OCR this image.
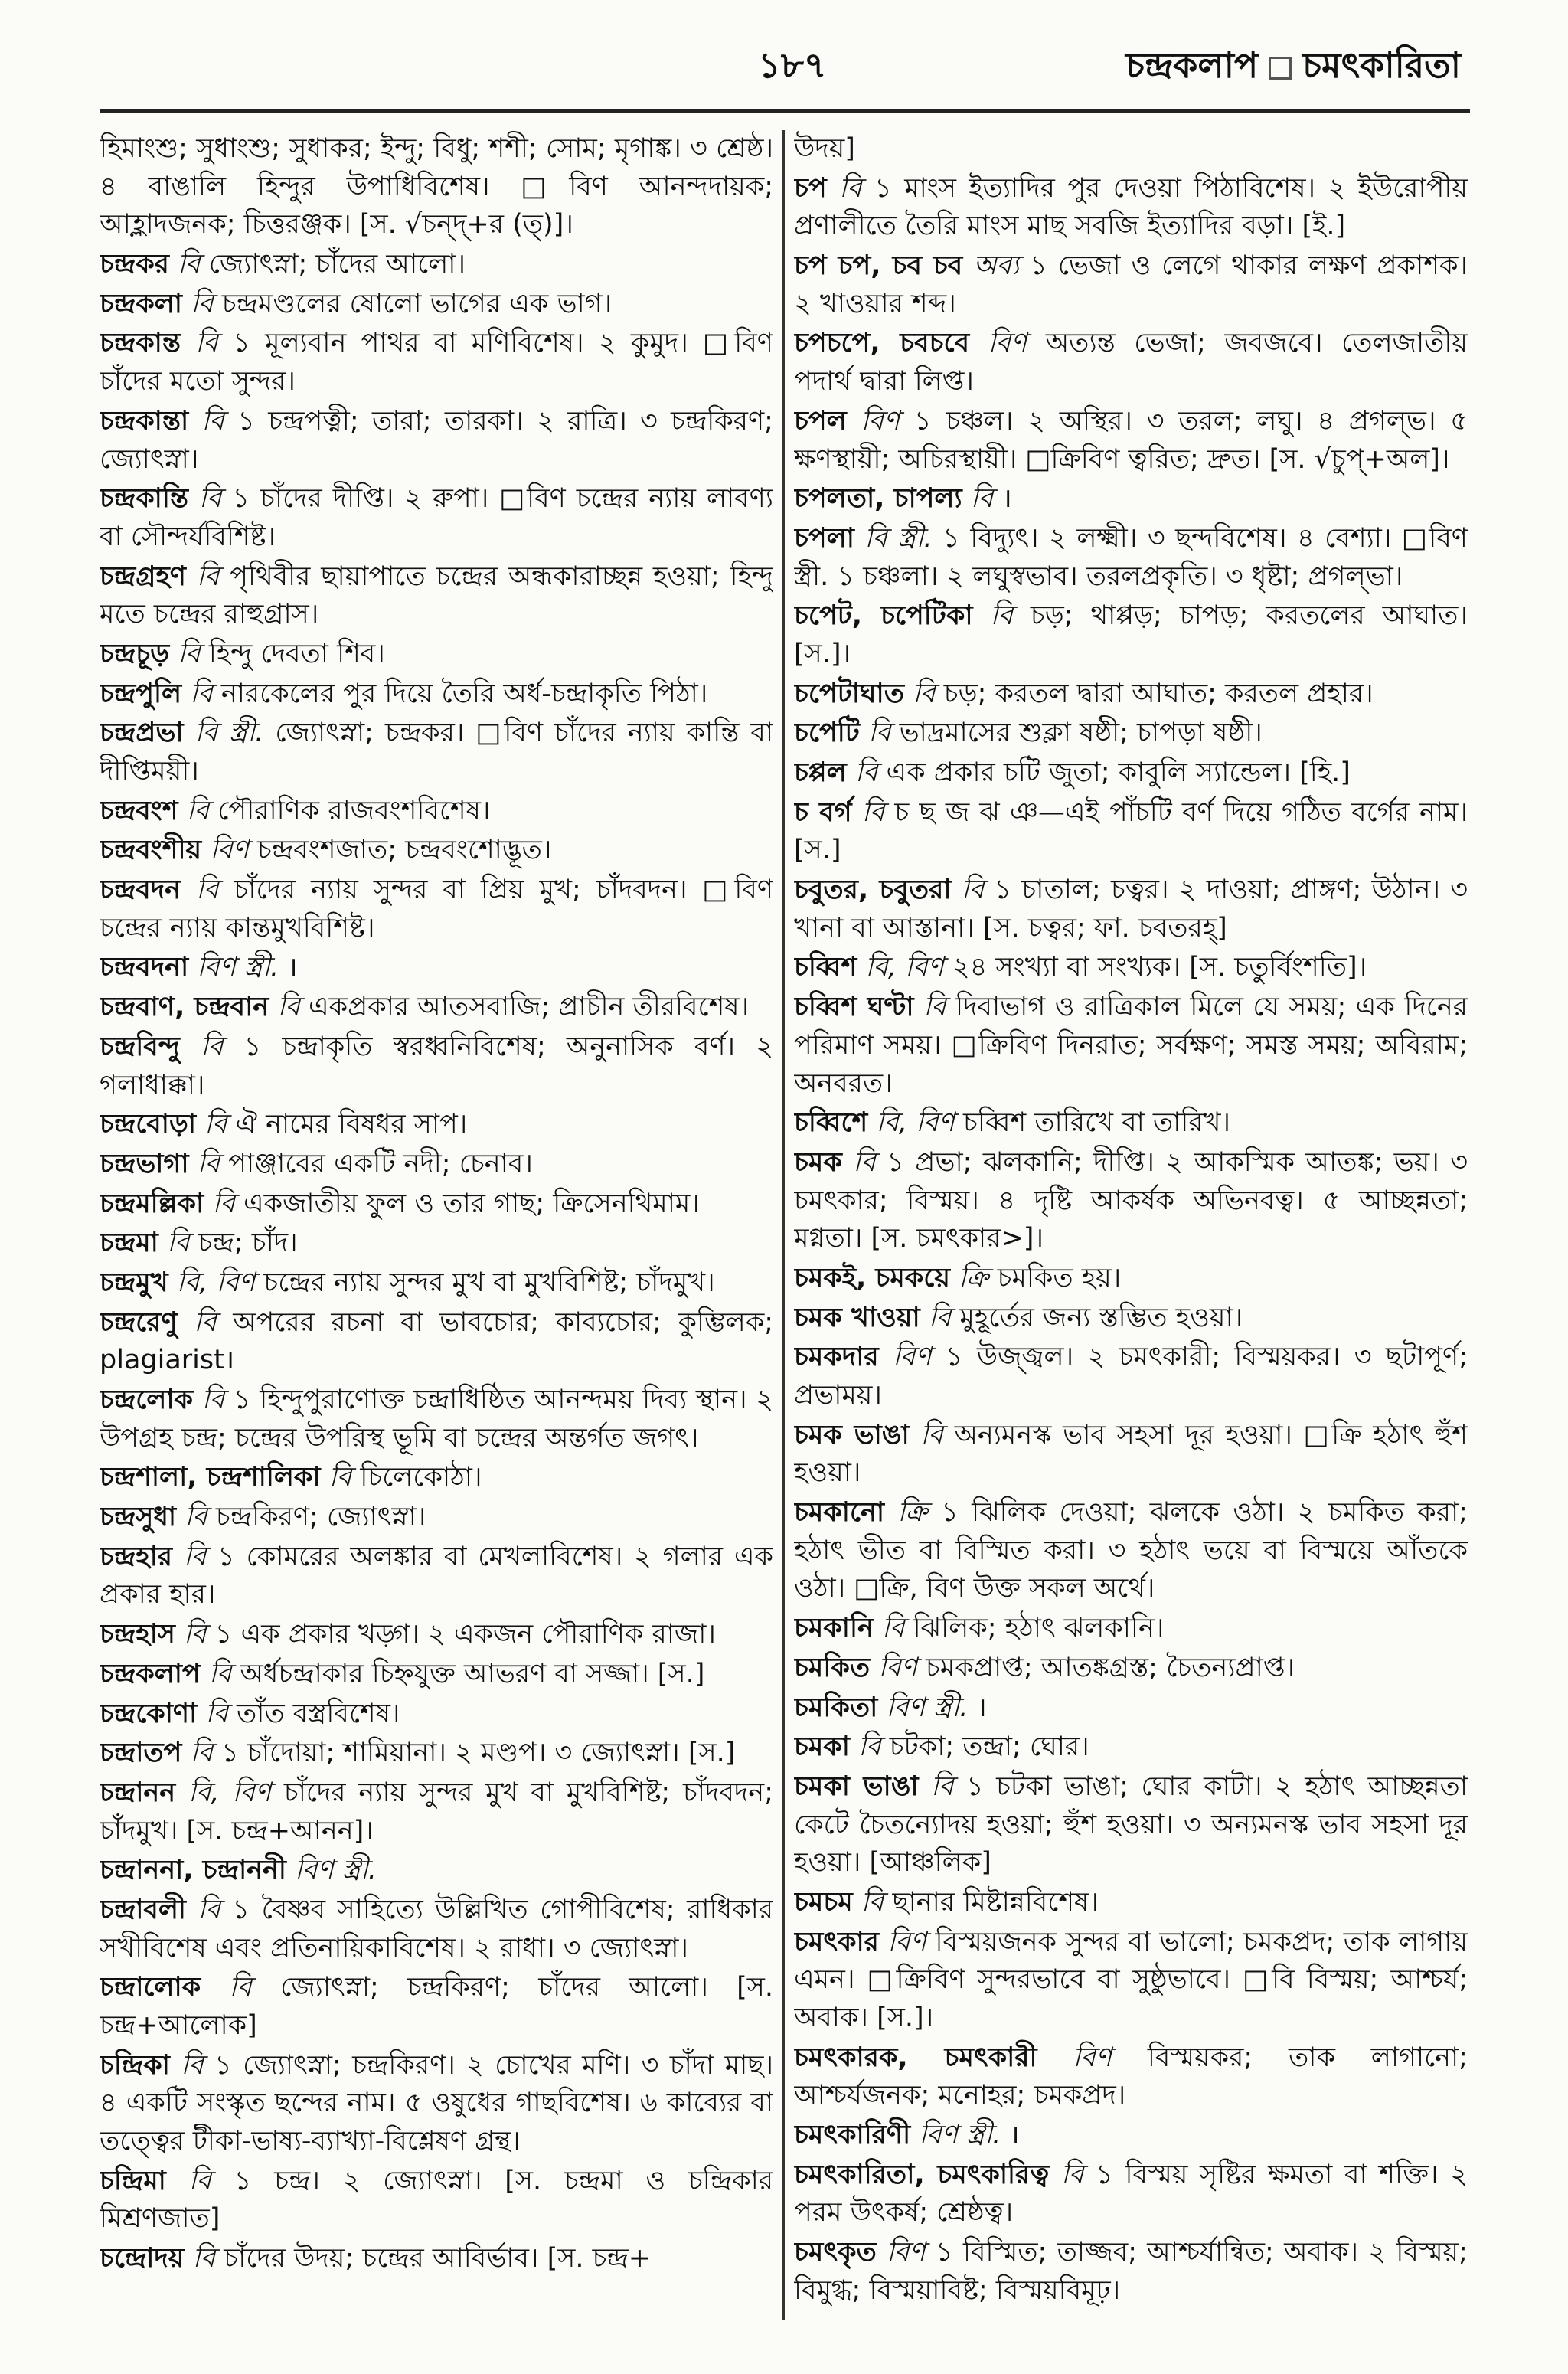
১৮৭	চন্দ্রকলাপ চমৎকারিতা
হিমাংশু; সুধাংশু; সুধাকর; ইন্দু; বিধু; শশী; সোম; মৃগাঙ্ক। ৩ শ্রেষ্ঠ। ৪ বাঙালি হিন্দুর উপাধিবিশেষ। □বিণ আনন্দদায়ক; আহ্লাদজনক; চিত্তরঞ্জক। [স. √চন্দ্+র (ত্)]।
চন্দ্রকর বি জ্যোৎস্না; চাঁদের আলো।
চন্দ্রকলা বি চন্দ্রমণ্ডলের ষোলো ভাগের এক ভাগ।
চন্দ্রকান্ত বি ১ মূল্যবান পাথর বা মণিবিশেষ। ২ কুমুদ। □বিণ চাঁদের মতো সুন্দর।
চন্দ্রকান্তা বি ১ চন্দ্রপত্নী; তারা; তারকা। ২ রাত্রি। ৩ চন্দ্রকিরণ; জ্যোৎস্না।
চন্দ্রকান্তি বি ১ চাঁদের দীপ্তি। ২ রুপা। □বিণ চন্দ্রের ন্যায় লাবণ্য বা সৌন্দর্যবিশিষ্ট।
চন্দ্রগ্রহণ বি পৃথিবীর ছায়াপাতে চন্দ্রের অন্ধকারাচ্ছন্ন হওয়া; হিন্দু মতে চন্দ্রের রাহুগ্রাস।
চন্দ্রচূড় বি হিন্দু দেবতা শিব।
চন্দ্রপুলি বি নারকেলের পুর দিয়ে তৈরি অর্ধ-চন্দ্রাকৃতি পিঠা।
চন্দ্রপ্রভা বি স্ত্রী. জ্যোৎস্না; চন্দ্রকর। □বিণ চাঁদের ন্যায় কান্তি বা দীপ্তিময়ী।
চন্দ্রবংশ বি পৌরাণিক রাজবংশবিশেষ।
চন্দ্রবংশীয় বিণ চন্দ্রবংশজাত; চন্দ্রবংশোদ্ভূত।
চন্দ্রবদন বি চাঁদের ন্যায় সুন্দর বা প্রিয় মুখ; চাঁদবদন। □বিণ চন্দ্রের ন্যায় কান্তমুখবিশিষ্ট।
চন্দ্রবদনা বিণ স্ত্রী. ।
চন্দ্রবাণ, চন্দ্রবান বি একপ্রকার আতসবাজি; প্রাচীন তীরবিশেষ।
চন্দ্রবিন্দু বি ১ চন্দ্রাকৃতি স্বরধ্বনিবিশেষ; অনুনাসিক বর্ণ। ২ গলাধাক্কা।
চন্দ্রবোড়া বি ঐ নামের বিষধর সাপ।
চন্দ্রভাগা বি পাঞ্জাবের একটি নদী; চেনাব।
চন্দ্রমল্লিকা বি একজাতীয় ফুল ও তার গাছ; ক্রিসেনথিমাম।
চন্দ্রমা বি চন্দ্র; চাঁদ।
চন্দ্রমুখ বি, বিণ চন্দ্রের ন্যায় সুন্দর মুখ বা মুখবিশিষ্ট; চাঁদমুখ।
চন্দ্ররেণু বি অপরের রচনা বা ভাবচোর; কাব্যচোর; কুম্ভিলক; plagiarist।
চন্দ্রলোক বি ১ হিন্দুপুরাণোক্ত চন্দ্রাধিষ্ঠিত আনন্দময় দিব্য স্থান। ২ উপগ্রহ চন্দ্র; চন্দ্রের উপরিস্থ ভূমি বা চন্দ্রের অন্তর্গত জগৎ।
চন্দ্রশালা, চন্দ্রশালিকা বি চিলেকোঠা।
চন্দ্রসুধা বি চন্দ্রকিরণ; জ্যোৎস্না।
চন্দ্রহার বি ১ কোমরের অলঙ্কার বা মেখলাবিশেষ। ২ গলার এক প্রকার হার।
চন্দ্রহাস বি ১ এক প্রকার খড়্গ। ২ একজন পৌরাণিক রাজা।
চন্দ্রকলাপ বি অর্ধচন্দ্রাকার চিহ্নযুক্ত আভরণ বা সজ্জা। [স.]
চন্দ্রকোণা বি তাঁত বস্ত্রবিশেষ।
চন্দ্রাতপ বি ১ চাঁদোয়া; শামিয়ানা। ২ মণ্ডপ। ৩ জ্যোৎস্না। [স.]
চন্দ্রানন বি, বিণ চাঁদের ন্যায় সুন্দর মুখ বা মুখবিশিষ্ট; চাঁদবদন; চাঁদমুখ। [স. চন্দ্র+আনন]।
চন্দ্রাননা, চন্দ্রাননী বিণ স্ত্রী.
চন্দ্রাবলী বি ১ বৈষ্ণব সাহিত্যে উল্লিখিত গোপীবিশেষ; রাধিকার সখীবিশেষ এবং প্রতিনায়িকাবিশেষ। ২ রাধা। ৩ জ্যোৎস্না।
চন্দ্রালোক বি জ্যোৎস্না; চন্দ্রকিরণ; চাঁদের আলো। [স. চন্দ্র+আলোক]
চন্দ্রিকা বি ১ জ্যোৎস্না; চন্দ্রকিরণ। ২ চোখের মণি। ৩ চাঁদা মাছ। ৪ একটি সংস্কৃত ছন্দের নাম। ৫ ওষুধের গাছবিশেষ। ৬ কাব্যের বা তত্ত্বের টীকা-ভাষ্য-ব্যাখ্যা-বিশ্লেষণ গ্রন্থ।
চন্দ্রিমা বি ১ চন্দ্র। ২ জ্যোৎস্না। [স. চন্দ্রমা ও চন্দ্রিকার মিশ্রণজাত]
চন্দ্রোদয় বি চাঁদের উদয়; চন্দ্রের আবির্ভাব। [স. চন্দ্র+
উদয়]
চপ বি ১ মাংস ইত্যাদির পুর দেওয়া পিঠাবিশেষ। ২ ইউরোপীয় প্রণালীতে তৈরি মাংস মাছ সবজি ইত্যাদির বড়া। [ই.]
চপ চপ, চব চব অব্য ১ ভেজা ও লেগে থাকার লক্ষণ প্রকাশক। ২ খাওয়ার শব্দ।
চপচপে, চবচবে বিণ অত্যন্ত ভেজা; জবজবে। তেলজাতীয় পদার্থ দ্বারা লিপ্ত।
চপল বিণ ১ চঞ্চল। ২ অস্থির। ৩ তরল; লঘু। ৪ প্রগল্‌ভ। ৫ ক্ষণস্থায়ী; অচিরস্থায়ী। □ক্রিবিণ ত্বরিত; দ্রুত। [স. √চুপ্+অল]।
চপলতা, চাপল্য বি ।
চপলা বি স্ত্রী. ১ বিদ্যুৎ। ২ লক্ষ্মী। ৩ ছন্দবিশেষ। ৪ বেশ্যা। □বিণ স্ত্রী. ১ চঞ্চলা। ২ লঘুস্বভাব। তরলপ্রকৃতি। ৩ ধৃষ্টা; প্রগল্‌ভা।
চপেট, চপেটিকা বি চড়; থাপ্পড়; চাপড়; করতলের আঘাত। [স.]।
চপেটাঘাত বি চড়; করতল দ্বারা আঘাত; করতল প্রহার।
চপেটি বি ভাদ্রমাসের শুক্লা ষষ্ঠী; চাপড়া ষষ্ঠী।
চপ্পল বি এক প্রকার চটি জুতা; কাবুলি স্যান্ডেল। [হি.]
চ বর্গ বি চ ছ জ ঝ ঞ—এই পাঁচটি বর্ণ দিয়ে গঠিত বর্গের নাম। [স.]
চবুতর, চবুতরা বি ১ চাতাল; চত্বর। ২ দাওয়া; প্রাঙ্গণ; উঠান। ৩ খানা বা আস্তানা। [স. চত্বর; ফা. চবতরহ্]
চব্বিশ বি, বিণ ২৪ সংখ্যা বা সংখ্যক। [স. চতুর্বিংশতি]।
চব্বিশ ঘণ্টা বি দিবাভাগ ও রাত্রিকাল মিলে যে সময়; এক দিনের পরিমাণ সময়। □ক্রিবিণ দিনরাত; সর্বক্ষণ; সমস্ত সময়; অবিরাম; অনবরত।
চব্বিশে বি, বিণ চব্বিশ তারিখে বা তারিখ।
চমক বি ১ প্রভা; ঝলকানি; দীপ্তি। ২ আকস্মিক আতঙ্ক; ভয়। ৩ চমৎকার; বিস্ময়। ৪ দৃষ্টি আকর্ষক অভিনবত্ব। ৫ আচ্ছন্নতা; মগ্নতা। [স. চমৎকার>]।
চমকই, চমকয়ে ক্রি চমকিত হয়।
চমক খাওয়া বি মুহূর্তের জন্য স্তম্ভিত হওয়া।
চমকদার বিণ ১ উজ্জ্বল। ২ চমৎকারী; বিস্ময়কর। ৩ ছটাপূর্ণ; প্রভাময়।
চমক ভাঙা বি অন্যমনস্ক ভাব সহসা দূর হওয়া। □ক্রি হঠাৎ হুঁশ হওয়া।
চমকানো ক্রি ১ ঝিলিক দেওয়া; ঝলকে ওঠা। ২ চমকিত করা; হঠাৎ ভীত বা বিস্মিত করা। ৩ হঠাৎ ভয়ে বা বিস্ময়ে আঁতকে ওঠা। □ক্রি, বিণ উক্ত সকল অর্থে।
চমকানি বি ঝিলিক; হঠাৎ ঝলকানি।
চমকিত বিণ চমকপ্রাপ্ত; আতঙ্কগ্রস্ত; চৈতন্যপ্রাপ্ত।
চমকিতা বিণ স্ত্রী. ।
চমকা বি চটকা; তন্দ্রা; ঘোর।
চমকা ভাঙা বি ১ চটকা ভাঙা; ঘোর কাটা। ২ হঠাৎ আচ্ছন্নতা কেটে চৈতন্যোদয় হওয়া; হুঁশ হওয়া। ৩ অন্যমনস্ক ভাব সহসা দূর হওয়া। [আঞ্চলিক]
চমচম বি ছানার মিষ্টান্নবিশেষ।
চমৎকার বিণ বিস্ময়জনক সুন্দর বা ভালো; চমকপ্রদ; তাক লাগায় এমন। □ক্রিবিণ সুন্দরভাবে বা সুষ্ঠুভাবে। □বি বিস্ময়; আশ্চর্য; অবাক। [স.]।
চমৎকারক, চমৎকারী বিণ বিস্ময়কর; তাক লাগানো; আশ্চর্যজনক; মনোহর; চমকপ্রদ।
চমৎকারিণী বিণ স্ত্রী. ।
চমৎকারিতা, চমৎকারিত্ব বি ১ বিস্ময় সৃষ্টির ক্ষমতা বা শক্তি। ২ পরম উৎকর্ষ; শ্রেষ্ঠত্ব।
চমৎকৃত বিণ ১ বিস্মিত; তাজ্জব; আশ্চর্যান্বিত; অবাক। ২ বিস্ময়; বিমুগ্ধ; বিস্ময়াবিষ্ট; বিস্ময়বিমূঢ়।
